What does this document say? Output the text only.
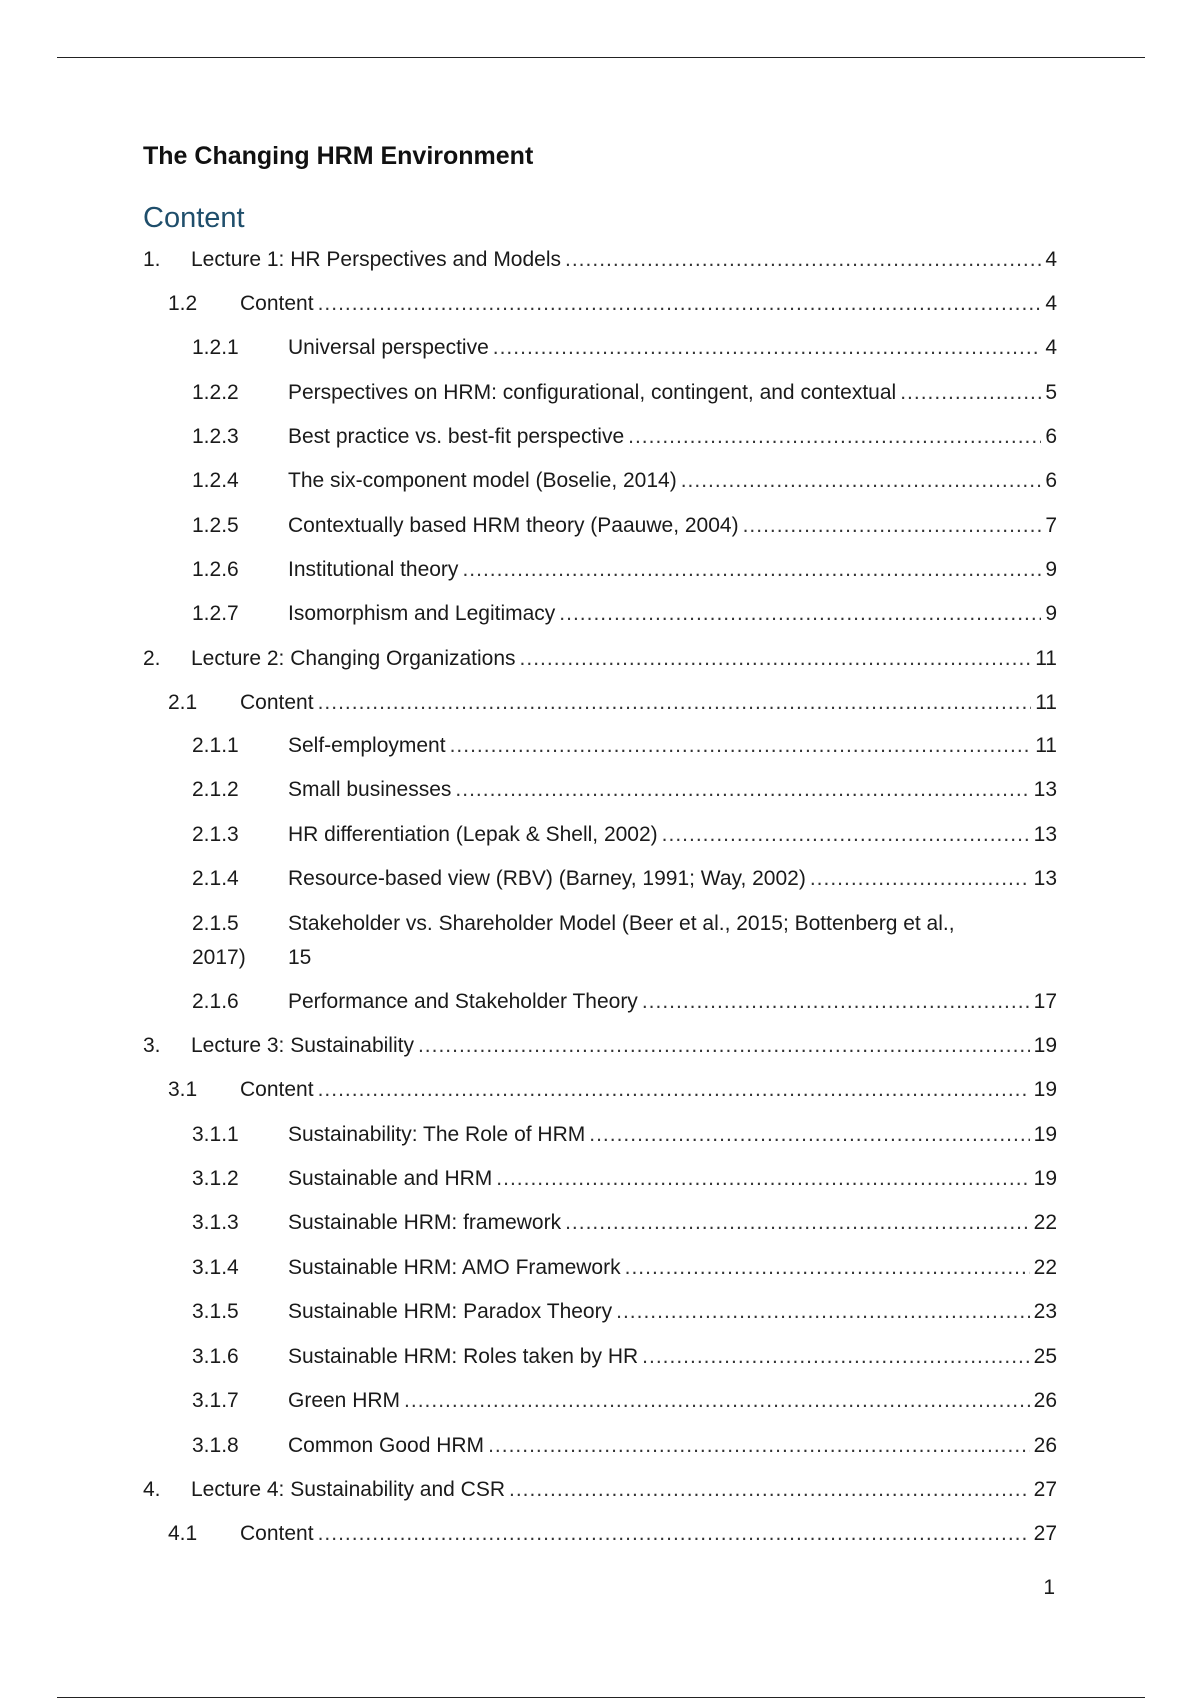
The Changing HRM Environment
Content
1. Lecture 1: HR Perspectives and Models .....	4
1.2 Content .....	4
1.2.1 Universal perspective .....	4
1.2.2 Perspectives on HRM: configurational, contingent, and contextual .....	5
1.2.3 Best practice vs. best-fit perspective .....	6
1.2.4 The six-component model (Boselie, 2014) .....	6
1.2.5 Contextually based HRM theory (Paauwe, 2004) .....	7
1.2.6 Institutional theory .....	9
1.2.7 Isomorphism and Legitimacy .....	9
2. Lecture 2: Changing Organizations .....	11
2.1 Content .....	11
2.1.1 Self-employment .....	11
2.1.2 Small businesses .....	13
2.1.3 HR differentiation (Lepak & Shell, 2002) .....	13
2.1.4 Resource-based view (RBV) (Barney, 1991; Way, 2002) .....	13
2.1.5 Stakeholder vs. Shareholder Model (Beer et al., 2015; Bottenberg et al.,
2017) 15
2.1.6 Performance and Stakeholder Theory .....	17
3. Lecture 3: Sustainability .....	19
3.1 Content .....	19
3.1.1 Sustainability: The Role of HRM .....	19
3.1.2 Sustainable and HRM .....	19
3.1.3 Sustainable HRM: framework .....	22
3.1.4 Sustainable HRM: AMO Framework .....	22
3.1.5 Sustainable HRM: Paradox Theory .....	23
3.1.6 Sustainable HRM: Roles taken by HR .....	25
3.1.7 Green HRM .....	26
3.1.8 Common Good HRM .....	26
4. Lecture 4: Sustainability and CSR .....	27
4.1 Content .....	27
1
